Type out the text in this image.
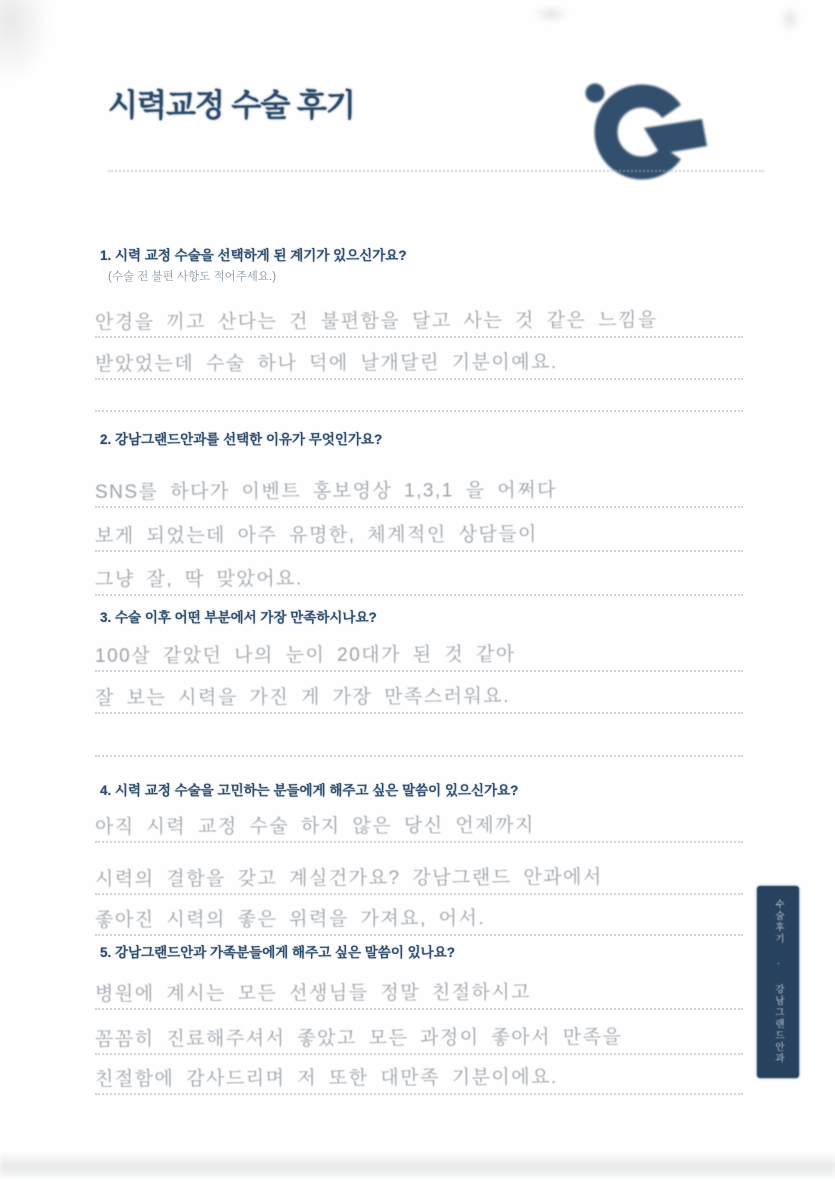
시력교정 수술 후기
1. 시력 교정 수술을 선택하게 된 계기가 있으신가요?
(수술 전 불편 사항도 적어주세요.)
안경을 끼고 산다는 건 불편함을 달고 사는 것 같은 느낌을
받았었는데 수술 하나 덕에 날개달린 기분이예요.
2. 강남그랜드안과를 선택한 이유가 무엇인가요?
SNS를 하다가 이벤트 홍보영상 1,3,1 을 어쩌다
보게 되었는데 아주 유명한, 체계적인 상담들이
그냥 잘, 딱 맞았어요.
3. 수술 이후 어떤 부분에서 가장 만족하시나요?
100살 같았던 나의 눈이 20대가 된 것 같아
잘 보는 시력을 가진 게 가장 만족스러워요.
4. 시력 교정 수술을 고민하는 분들에게 해주고 싶은 말씀이 있으신가요?
아직 시력 교정 수술 하지 않은 당신 언제까지
시력의 결함을 갖고 계실건가요? 강남그랜드 안과에서
좋아진 시력의 좋은 위력을 가져요, 어서.
5. 강남그랜드안과 가족분들에게 해주고 싶은 말씀이 있나요?
병원에 계시는 모든 선생님들 정말 친절하시고
꼼꼼히 진료해주셔서 좋았고 모든 과정이 좋아서 만족을
친절함에 감사드리며 저 또한 대만족 기분이에요.
수술후기 · 강남그랜드안과
